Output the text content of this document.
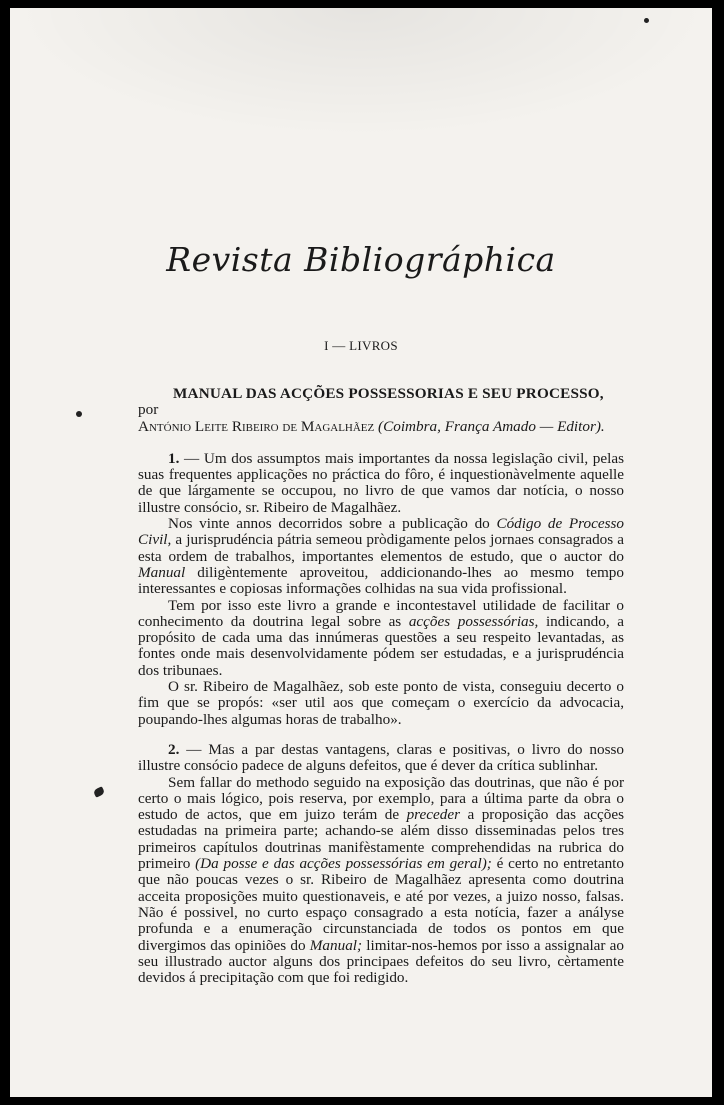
Revista Bibliográphica
I — LIVROS
MANUAL DAS ACÇÕES POSSESSORIAS E SEU PROCESSO, por
António Leite Ribeiro de Magalhãez (Coimbra, França Amado — Editor).

1. — Um dos assumptos mais importantes da nossa legislação civil, pelas suas frequentes applicações no práctica do fôro, é inquestionàvelmente aquelle de que lárgamente se occupou, no livro de que vamos dar notícia, o nosso illustre consócio, sr. Ribeiro de Magalhãez.

Nos vinte annos decorridos sobre a publicação do Código de Processo Civil, a jurisprudéncia pátria semeou pròdigamente pelos jornaes consagrados a esta ordem de trabalhos, importantes elementos de estudo, que o auctor do Manual diligèntemente aproveitou, addicionando-lhes ao mesmo tempo interessantes e copiosas informações colhidas na sua vida profissional.

Tem por isso este livro a grande e incontestavel utilidade de facilitar o conhecimento da doutrina legal sobre as acções possessórias, indicando, a propósito de cada uma das innúmeras questões a seu respeito levantadas, as fontes onde mais desenvolvidamente pódem ser estudadas, e a jurisprudéncia dos tribunaes.

O sr. Ribeiro de Magalhãez, sob este ponto de vista, conseguiu decerto o fim que se propós: «ser util aos que começam o exercício da advocacia, poupando-lhes algumas horas de trabalho».

2. — Mas a par destas vantagens, claras e positivas, o livro do nosso illustre consócio padece de alguns defeitos, que é dever da crítica sublinhar.

Sem fallar do methodo seguido na exposição das doutrinas, que não é por certo o mais lógico, pois reserva, por exemplo, para a última parte da obra o estudo de actos, que em juizo terám de preceder a proposição das acções estudadas na primeira parte; achando-se além disso disseminadas pelos tres primeiros capítulos doutrinas manifèstamente comprehendidas na rubrica do primeiro (Da posse e das acções possessórias em geral); é certo no entretanto que não poucas vezes o sr. Ribeiro de Magalhãez apresenta como doutrina acceita proposições muito questionaveis, e até por vezes, a juizo nosso, falsas. Não é possivel, no curto espaço consagrado a esta notícia, fazer a anályse profunda e a enumeração circunstanciada de todos os pontos em que divergimos das opiniões do Manual; limitar-nos-hemos por isso a assignalar ao seu illustrado auctor alguns dos principaes defeitos do seu livro, cèrtamente devidos á precipitação com que foi redigido.
